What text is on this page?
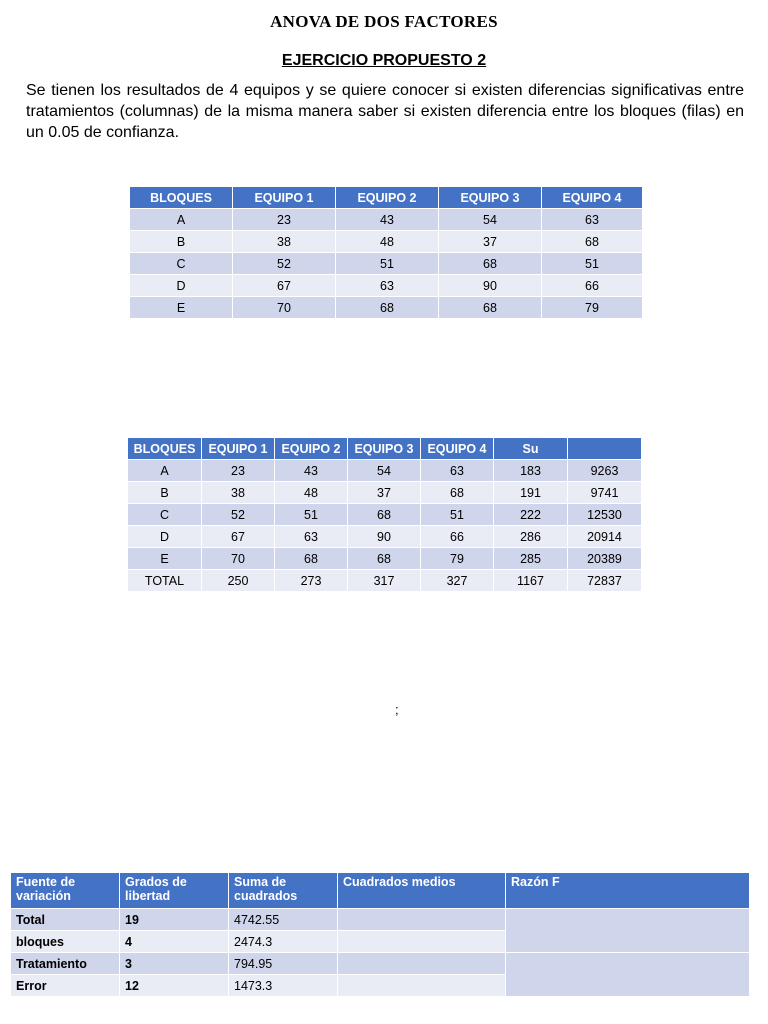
ANOVA DE DOS FACTORES
EJERCICIO PROPUESTO 2
Se tienen los resultados de 4 equipos y se quiere conocer si existen diferencias significativas entre tratamientos (columnas) de la misma manera saber si existen diferencia entre los bloques (filas) en un 0.05 de confianza.
BLOQUES	EQUIPO 1	EQUIPO 2	EQUIPO 3	EQUIPO 4
A	23	43	54	63
B	38	48	37	68
C	52	51	68	51
D	67	63	90	66
E	70	68	68	79
BLOQUES	EQUIPO 1	EQUIPO 2	EQUIPO 3	EQUIPO 4	Su	
A	23	43	54	63	183	9263
B	38	48	37	68	191	9741
C	52	51	68	51	222	12530
D	67	63	90	66	286	20914
E	70	68	68	79	285	20389
TOTAL	250	273	317	327	1167	72837
;
Fuente de variación	Grados de libertad	Suma de cuadrados	Cuadrados medios	Razón F
Total	19	4742.55		
bloques	4	2474.3		
Tratamiento	3	794.95		
Error	12	1473.3		
